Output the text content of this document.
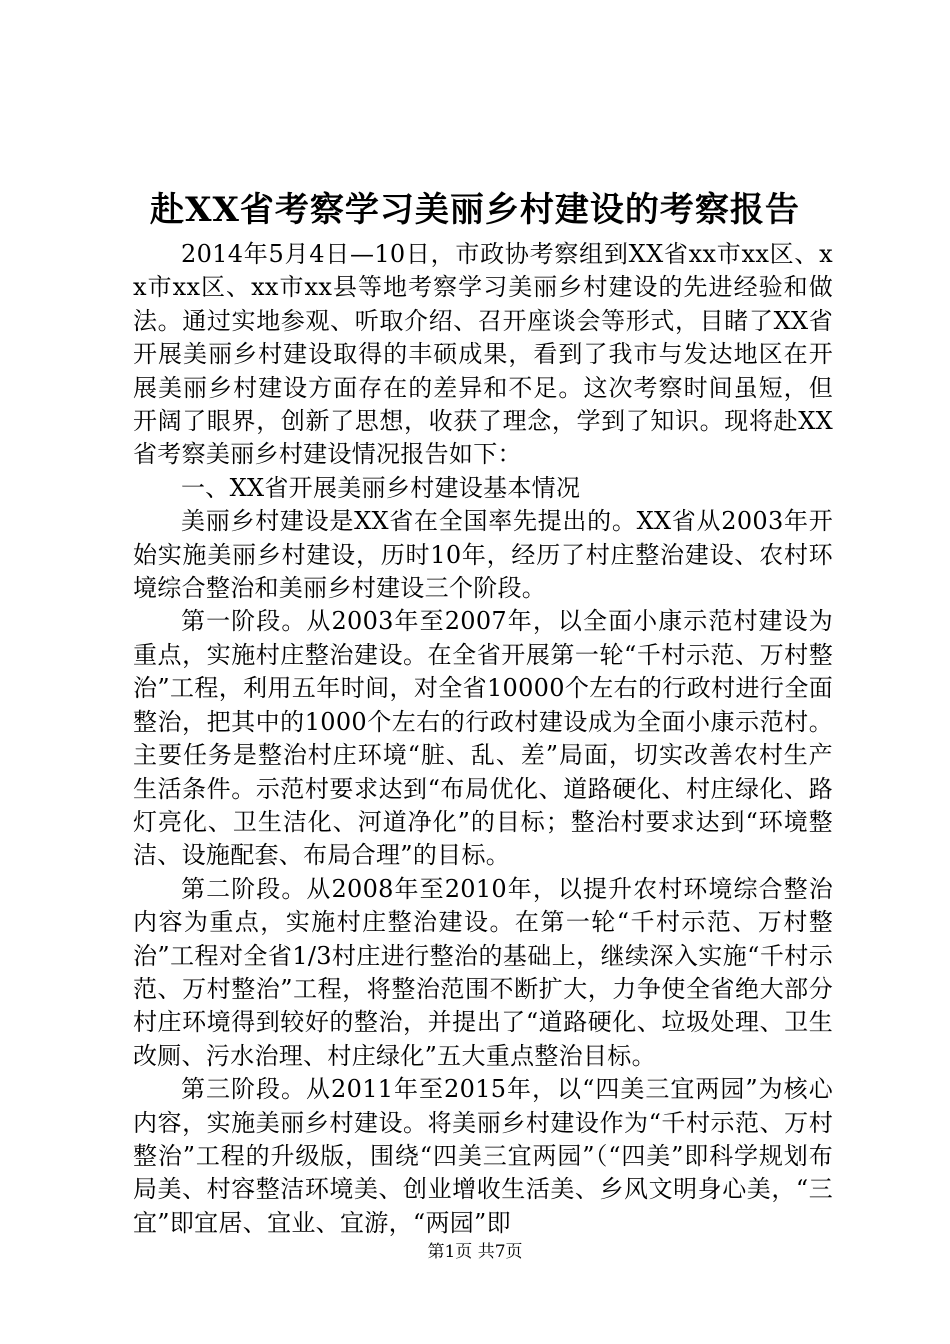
赴XX省考察学习美丽乡村建设的考察报告

2014年5月4日—10日，市政协考察组到XX省xx市xx区、xx市xx区、xx市xx县等地考察学习美丽乡村建设的先进经验和做法。通过实地参观、听取介绍、召开座谈会等形式，目睹了XX省开展美丽乡村建设取得的丰硕成果，看到了我市与发达地区在开展美丽乡村建设方面存在的差异和不足。这次考察时间虽短，但开阔了眼界，创新了思想，收获了理念，学到了知识。现将赴XX省考察美丽乡村建设情况报告如下：

一、XX省开展美丽乡村建设基本情况

美丽乡村建设是XX省在全国率先提出的。XX省从2003年开始实施美丽乡村建设，历时10年，经历了村庄整治建设、农村环境综合整治和美丽乡村建设三个阶段。

第一阶段。从2003年至2007年，以全面小康示范村建设为重点，实施村庄整治建设。在全省开展第一轮“千村示范、万村整治”工程，利用五年时间，对全省10000个左右的行政村进行全面整治，把其中的1000个左右的行政村建设成为全面小康示范村。主要任务是整治村庄环境“脏、乱、差”局面，切实改善农村生产生活条件。示范村要求达到“布局优化、道路硬化、村庄绿化、路灯亮化、卫生洁化、河道净化”的目标；整治村要求达到“环境整洁、设施配套、布局合理”的目标。

第二阶段。从2008年至2010年，以提升农村环境综合整治内容为重点，实施村庄整治建设。在第一轮“千村示范、万村整治”工程对全省1/3村庄进行整治的基础上，继续深入实施“千村示范、万村整治”工程，将整治范围不断扩大，力争使全省绝大部分村庄环境得到较好的整治，并提出了“道路硬化、垃圾处理、卫生改厕、污水治理、村庄绿化”五大重点整治目标。

第三阶段。从2011年至2015年，以“四美三宜两园”为核心内容，实施美丽乡村建设。将美丽乡村建设作为“千村示范、万村整治”工程的升级版，围绕“四美三宜两园”（“四美”即科学规划布局美、村容整洁环境美、创业增收生活美、乡风文明身心美，“三宜”即宜居、宜业、宜游，“两园”即

第1页 共7页
